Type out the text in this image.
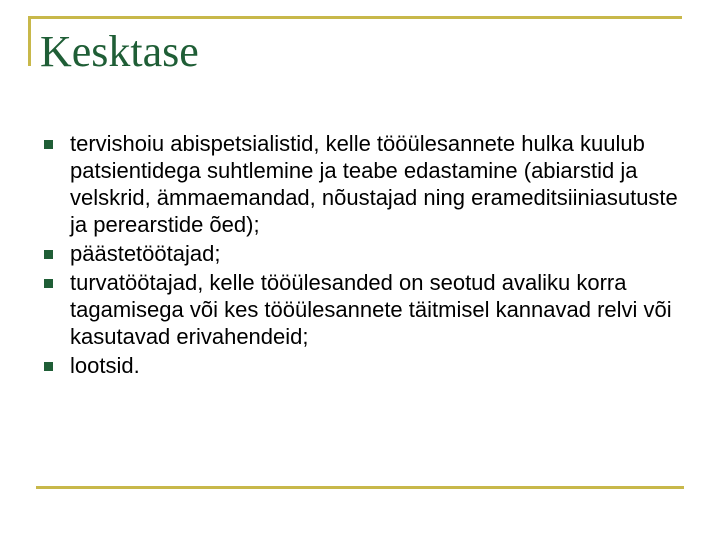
Kesktase
tervishoiu abispetsialistid, kelle tööülesannete hulka kuulub patsientidega suhtlemine ja teabe edastamine (abiarstid ja velskrid, ämmaemandad, nõustajad ning erameditsiiniasutuste ja perearstide õed);
päästetöötajad;
turvatöötajad, kelle tööülesanded on seotud avaliku korra tagamisega või kes tööülesannete täitmisel kannavad relvi või kasutavad erivahendeid;
lootsid.
